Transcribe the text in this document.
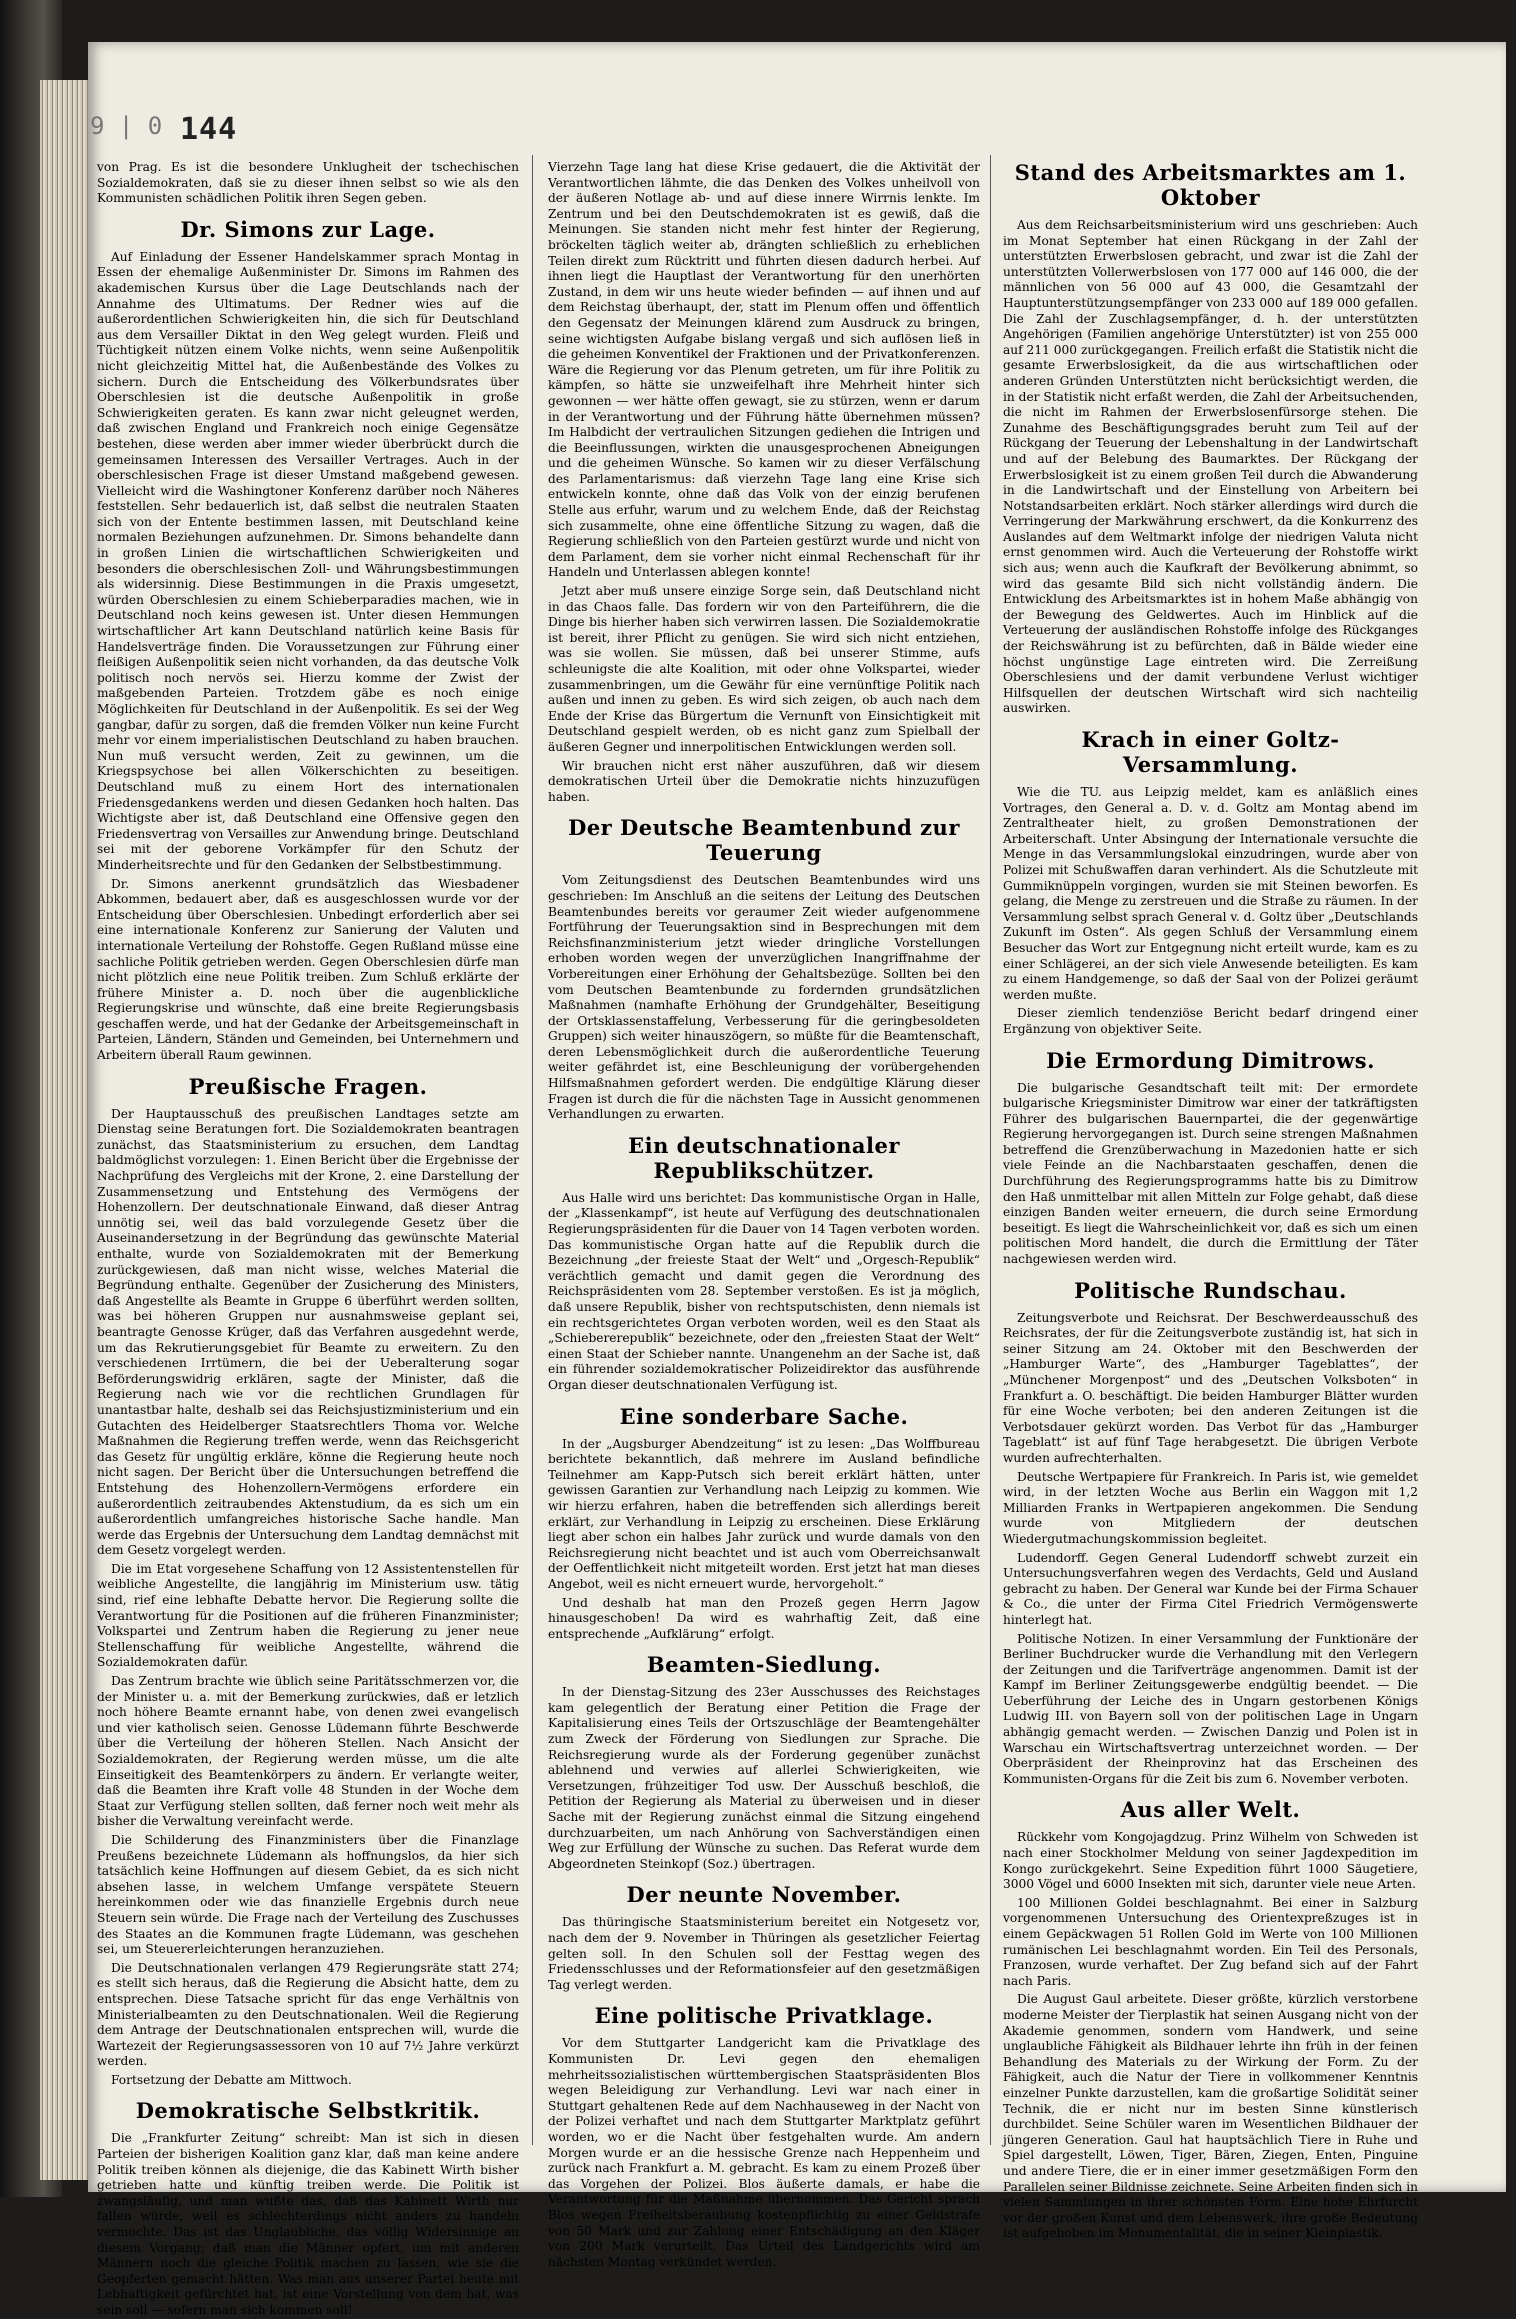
9 | 0 144

von Prag. Es ist die besondere Unklugheit der tschechischen Sozialdemokraten, daß sie zu dieser ihnen selbst so wie als den Kommunisten schädlichen Politik ihren Segen geben.

Dr. Simons zur Lage.

Auf Einladung der Essener Handelskammer sprach Montag in Essen der ehemalige Außenminister Dr. Simons im Rahmen des akademischen Kursus über die Lage Deutschlands nach der Annahme des Ultimatums. Der Redner wies auf die außerordentlichen Schwierigkeiten hin, die sich für Deutschland aus dem Versailler Diktat in den Weg gelegt wurden. Fleiß und Tüchtigkeit nützen einem Volke nichts, wenn seine Außenpolitik nicht gleichzeitig Mittel hat, die Außenbestände des Volkes zu sichern. Durch die Entscheidung des Völkerbundsrates über Oberschlesien ist die deutsche Außenpolitik in große Schwierigkeiten geraten. Es kann zwar nicht geleugnet werden, daß zwischen England und Frankreich noch einige Gegensätze bestehen, diese werden aber immer wieder überbrückt durch die gemeinsamen Interessen des Versailler Vertrages. Auch in der oberschlesischen Frage ist dieser Umstand maßgebend gewesen. Vielleicht wird die Washingtoner Konferenz darüber noch Näheres feststellen. Sehr bedauerlich ist, daß selbst die neutralen Staaten sich von der Entente bestimmen lassen, mit Deutschland keine normalen Beziehungen aufzunehmen. Dr. Simons behandelte dann in großen Linien die wirtschaftlichen Schwierigkeiten und besonders die oberschlesischen Zoll- und Währungsbestimmungen als widersinnig. Diese Bestimmungen in die Praxis umgesetzt, würden Oberschlesien zu einem Schieberparadies machen, wie in Deutschland noch keins gewesen ist. Unter diesen Hemmungen wirtschaftlicher Art kann Deutschland natürlich keine Basis für Handelsverträge finden. Die Voraussetzungen zur Führung einer fleißigen Außenpolitik seien nicht vorhanden, da das deutsche Volk politisch noch nervös sei. Hierzu komme der Zwist der maßgebenden Parteien. Trotzdem gäbe es noch einige Möglichkeiten für Deutschland in der Außenpolitik. Es sei der Weg gangbar, dafür zu sorgen, daß die fremden Völker nun keine Furcht mehr vor einem imperialistischen Deutschland zu haben brauchen. Nun muß versucht werden, Zeit zu gewinnen, um die Kriegspsychose bei allen Völkerschichten zu beseitigen. Deutschland muß zu einem Hort des internationalen Friedensgedankens werden und diesen Gedanken hoch halten. Das Wichtigste aber ist, daß Deutschland eine Offensive gegen den Friedensvertrag von Versailles zur Anwendung bringe. Deutschland sei mit der geborene Vorkämpfer für den Schutz der Minderheitsrechte und für den Gedanken der Selbstbestimmung.

Dr. Simons anerkennt grundsätzlich das Wiesbadener Abkommen, bedauert aber, daß es ausgeschlossen wurde vor der Entscheidung über Oberschlesien. Unbedingt erforderlich aber sei eine internationale Konferenz zur Sanierung der Valuten und internationale Verteilung der Rohstoffe. Gegen Rußland müsse eine sachliche Politik getrieben werden. Gegen Oberschlesien dürfe man nicht plötzlich eine neue Politik treiben. Zum Schluß erklärte der frühere Minister a. D. noch über die augenblickliche Regierungskrise und wünschte, daß eine breite Regierungsbasis geschaffen werde, und hat der Gedanke der Arbeitsgemeinschaft in Parteien, Ländern, Ständen und Gemeinden, bei Unternehmern und Arbeitern überall Raum gewinnen.

Preußische Fragen.

Der Hauptausschuß des preußischen Landtages setzte am Dienstag seine Beratungen fort. Die Sozialdemokraten beantragen zunächst, das Staatsministerium zu ersuchen, dem Landtag baldmöglichst vorzulegen: 1. Einen Bericht über die Ergebnisse der Nachprüfung des Vergleichs mit der Krone, 2. eine Darstellung der Zusammensetzung und Entstehung des Vermögens der Hohenzollern. Der deutschnationale Einwand, daß dieser Antrag unnötig sei, weil das bald vorzulegende Gesetz über die Auseinandersetzung in der Begründung das gewünschte Material enthalte, wurde von Sozialdemokraten mit der Bemerkung zurückgewiesen, daß man nicht wisse, welches Material die Begründung enthalte. Gegenüber der Zusicherung des Ministers, daß Angestellte als Beamte in Gruppe 6 überführt werden sollten, was bei höheren Gruppen nur ausnahmsweise geplant sei, beantragte Genosse Krüger, daß das Verfahren ausgedehnt werde, um das Rekrutierungsgebiet für Beamte zu erweitern. Zu den verschiedenen Irrtümern, die bei der Ueberalterung sogar Beförderungswidrig erklären, sagte der Minister, daß die Regierung nach wie vor die rechtlichen Grundlagen für unantastbar halte, deshalb sei das Reichsjustizministerium und ein Gutachten des Heidelberger Staatsrechtlers Thoma vor. Welche Maßnahmen die Regierung treffen werde, wenn das Reichsgericht das Gesetz für ungültig erkläre, könne die Regierung heute noch nicht sagen. Der Bericht über die Untersuchungen betreffend die Entstehung des Hohenzollern-Vermögens erfordere ein außerordentlich zeitraubendes Aktenstudium, da es sich um ein außerordentlich umfangreiches historische Sache handle. Man werde das Ergebnis der Untersuchung dem Landtag demnächst mit dem Gesetz vorgelegt werden.

Die im Etat vorgesehene Schaffung von 12 Assistentenstellen für weibliche Angestellte, die langjährig im Ministerium usw. tätig sind, rief eine lebhafte Debatte hervor. Die Regierung sollte die Verantwortung für die Positionen auf die früheren Finanzminister; Volkspartei und Zentrum haben die Regierung zu jener neue Stellenschaffung für weibliche Angestellte, während die Sozialdemokraten dafür.

Das Zentrum brachte wie üblich seine Paritätsschmerzen vor, die der Minister u. a. mit der Bemerkung zurückwies, daß er letzlich noch höhere Beamte ernannt habe, von denen zwei evangelisch und vier katholisch seien. Genosse Lüdemann führte Beschwerde über die Verteilung der höheren Stellen. Nach Ansicht der Sozialdemokraten, der Regierung werden müsse, um die alte Einseitigkeit des Beamtenkörpers zu ändern. Er verlangte weiter, daß die Beamten ihre Kraft volle 48 Stunden in der Woche dem Staat zur Verfügung stellen sollten, daß ferner noch weit mehr als bisher die Verwaltung vereinfacht werde.

Die Schilderung des Finanzministers über die Finanzlage Preußens bezeichnete Lüdemann als hoffnungslos, da hier sich tatsächlich keine Hoffnungen auf diesem Gebiet, da es sich nicht absehen lasse, in welchem Umfange verspätete Steuern hereinkommen oder wie das finanzielle Ergebnis durch neue Steuern sein würde. Die Frage nach der Verteilung des Zuschusses des Staates an die Kommunen fragte Lüdemann, was geschehen sei, um Steuererleichterungen heranzuziehen.

Die Deutschnationalen verlangen 479 Regierungsräte statt 274; es stellt sich heraus, daß die Regierung die Absicht hatte, dem zu entsprechen. Diese Tatsache spricht für das enge Verhältnis von Ministerialbeamten zu den Deutschnationalen. Weil die Regierung dem Antrage der Deutschnationalen entsprechen will, wurde die Wartezeit der Regierungsassessoren von 10 auf 7½ Jahre verkürzt werden.

Fortsetzung der Debatte am Mittwoch.

Demokratische Selbstkritik.

Die „Frankfurter Zeitung“ schreibt: Man ist sich in diesen Parteien der bisherigen Koalition ganz klar, daß man keine andere Politik treiben können als diejenige, die das Kabinett Wirth bisher getrieben hatte und künftig treiben werde. Die Politik ist zwangsläufig, und man wußte das, daß das Kabinett Wirth nur fallen würde, weil es schlechterdings nicht anders zu handeln vermochte. Das ist das Unglaubliche, das völlig Widersinnige an diesem Vorgang; daß man die Männer opfert, um mit anderen Männern noch die gleiche Politik machen zu lassen, wie sie die Geopferten gemacht hätten. Was man aus unserer Partei heute mit Lebhaftigkeit gefürchtet hat, ist eine Vorstellung von dem hat, was sein soll — sofern man sich kommen soll!

Vierzehn Tage lang hat diese Krise gedauert, die die Aktivität der Verantwortlichen lähmte, die das Denken des Volkes unheilvoll von der äußeren Notlage ab- und auf diese innere Wirrnis lenkte. Im Zentrum und bei den Deutschdemokraten ist es gewiß, daß die Meinungen. Sie standen nicht mehr fest hinter der Regierung, bröckelten täglich weiter ab, drängten schließlich zu erheblichen Teilen direkt zum Rücktritt und führten diesen dadurch herbei. Auf ihnen liegt die Hauptlast der Verantwortung für den unerhörten Zustand, in dem wir uns heute wieder befinden — auf ihnen und auf dem Reichstag überhaupt, der, statt im Plenum offen und öffentlich den Gegensatz der Meinungen klärend zum Ausdruck zu bringen, seine wichtigsten Aufgabe bislang vergaß und sich auflösen ließ in die geheimen Konventikel der Fraktionen und der Privatkonferenzen. Wäre die Regierung vor das Plenum getreten, um für ihre Politik zu kämpfen, so hätte sie unzweifelhaft ihre Mehrheit hinter sich gewonnen — wer hätte offen gewagt, sie zu stürzen, wenn er darum in der Verantwortung und der Führung hätte übernehmen müssen? Im Halbdicht der vertraulichen Sitzungen gediehen die Intrigen und die Beeinflussungen, wirkten die unausgesprochenen Abneigungen und die geheimen Wünsche. So kamen wir zu dieser Verfälschung des Parlamentarismus: daß vierzehn Tage lang eine Krise sich entwickeln konnte, ohne daß das Volk von der einzig berufenen Stelle aus erfuhr, warum und zu welchem Ende, daß der Reichstag sich zusammelte, ohne eine öffentliche Sitzung zu wagen, daß die Regierung schließlich von den Parteien gestürzt wurde und nicht von dem Parlament, dem sie vorher nicht einmal Rechenschaft für ihr Handeln und Unterlassen ablegen konnte!

Jetzt aber muß unsere einzige Sorge sein, daß Deutschland nicht in das Chaos falle. Das fordern wir von den Parteiführern, die die Dinge bis hierher haben sich verwirren lassen. Die Sozialdemokratie ist bereit, ihrer Pflicht zu genügen. Sie wird sich nicht entziehen, was sie wollen. Sie müssen, daß bei unserer Stimme, aufs schleunigste die alte Koalition, mit oder ohne Volkspartei, wieder zusammenbringen, um die Gewähr für eine vernünftige Politik nach außen und innen zu geben. Es wird sich zeigen, ob auch nach dem Ende der Krise das Bürgertum die Vernunft von Einsichtigkeit mit Deutschland gespielt werden, ob es nicht ganz zum Spielball der äußeren Gegner und innerpolitischen Entwicklungen werden soll.

Wir brauchen nicht erst näher auszuführen, daß wir diesem demokratischen Urteil über die Demokratie nichts hinzuzufügen haben.

Der Deutsche Beamtenbund zur Teuerung

Vom Zeitungsdienst des Deutschen Beamtenbundes wird uns geschrieben: Im Anschluß an die seitens der Leitung des Deutschen Beamtenbundes bereits vor geraumer Zeit wieder aufgenommene Fortführung der Teuerungsaktion sind in Besprechungen mit dem Reichsfinanzministerium jetzt wieder dringliche Vorstellungen erhoben worden wegen der unverzüglichen Inangriffnahme der Vorbereitungen einer Erhöhung der Gehaltsbezüge. Sollten bei den vom Deutschen Beamtenbunde zu fordernden grundsätzlichen Maßnahmen (namhafte Erhöhung der Grundgehälter, Beseitigung der Ortsklassenstaffelung, Verbesserung für die geringbesoldeten Gruppen) sich weiter hinauszögern, so müßte für die Beamtenschaft, deren Lebensmöglichkeit durch die außerordentliche Teuerung weiter gefährdet ist, eine Beschleunigung der vorübergehenden Hilfsmaßnahmen gefordert werden. Die endgültige Klärung dieser Fragen ist durch die für die nächsten Tage in Aussicht genommenen Verhandlungen zu erwarten.

Ein deutschnationaler Republikschützer.

Aus Halle wird uns berichtet: Das kommunistische Organ in Halle, der „Klassenkampf“, ist heute auf Verfügung des deutschnationalen Regierungspräsidenten für die Dauer von 14 Tagen verboten worden. Das kommunistische Organ hatte auf die Republik durch die Bezeichnung „der freieste Staat der Welt“ und „Orgesch-Republik“ verächtlich gemacht und damit gegen die Verordnung des Reichspräsidenten vom 28. September verstoßen. Es ist ja möglich, daß unsere Republik, bisher von rechtsputschisten, denn niemals ist ein rechtsgerichtetes Organ verboten worden, weil es den Staat als „Schiebererepublik“ bezeichnete, oder den „freiesten Staat der Welt“ einen Staat der Schieber nannte. Unangenehm an der Sache ist, daß ein führender sozialdemokratischer Polizeidirektor das ausführende Organ dieser deutschnationalen Verfügung ist.

Eine sonderbare Sache.

In der „Augsburger Abendzeitung“ ist zu lesen: „Das Wolffbureau berichtete bekanntlich, daß mehrere im Ausland befindliche Teilnehmer am Kapp-Putsch sich bereit erklärt hätten, unter gewissen Garantien zur Verhandlung nach Leipzig zu kommen. Wie wir hierzu erfahren, haben die betreffenden sich allerdings bereit erklärt, zur Verhandlung in Leipzig zu erscheinen. Diese Erklärung liegt aber schon ein halbes Jahr zurück und wurde damals von den Reichsregierung nicht beachtet und ist auch vom Oberreichsanwalt der Oeffentlichkeit nicht mitgeteilt worden. Erst jetzt hat man dieses Angebot, weil es nicht erneuert wurde, hervorgeholt.“

Und deshalb hat man den Prozeß gegen Herrn Jagow hinausgeschoben! Da wird es wahrhaftig Zeit, daß eine entsprechende „Aufklärung“ erfolgt.

Beamten-Siedlung.

In der Dienstag-Sitzung des 23er Ausschusses des Reichstages kam gelegentlich der Beratung einer Petition die Frage der Kapitalisierung eines Teils der Ortszuschläge der Beamtengehälter zum Zweck der Förderung von Siedlungen zur Sprache. Die Reichsregierung wurde als der Forderung gegenüber zunächst ablehnend und verwies auf allerlei Schwierigkeiten, wie Versetzungen, frühzeitiger Tod usw. Der Ausschuß beschloß, die Petition der Regierung als Material zu überweisen und in dieser Sache mit der Regierung zunächst einmal die Sitzung eingehend durchzuarbeiten, um nach Anhörung von Sachverständigen einen Weg zur Erfüllung der Wünsche zu suchen. Das Referat wurde dem Abgeordneten Steinkopf (Soz.) übertragen.

Der neunte November.

Das thüringische Staatsministerium bereitet ein Notgesetz vor, nach dem der 9. November in Thüringen als gesetzlicher Feiertag gelten soll. In den Schulen soll der Festtag wegen des Friedensschlusses und der Reformationsfeier auf den gesetzmäßigen Tag verlegt werden.

Eine politische Privatklage.

Vor dem Stuttgarter Landgericht kam die Privatklage des Kommunisten Dr. Levi gegen den ehemaligen mehrheitssozialistischen württembergischen Staatspräsidenten Blos wegen Beleidigung zur Verhandlung. Levi war nach einer in Stuttgart gehaltenen Rede auf dem Nachhauseweg in der Nacht von der Polizei verhaftet und nach dem Stuttgarter Marktplatz geführt worden, wo er die Nacht über festgehalten wurde. Am andern Morgen wurde er an die hessische Grenze nach Heppenheim und zurück nach Frankfurt a. M. gebracht. Es kam zu einem Prozeß über das Vorgehen der Polizei. Blos äußerte damals, er habe die Verantwortung für die Maßnahme übernommen. Das Gericht sprach Blos wegen Freiheitsberaubung kostenpflichtig zu einer Geldstrafe von 50 Mark und zur Zahlung einer Entschädigung an den Kläger von 200 Mark verurteilt. Das Urteil des Landgerichts wird am nächsten Montag verkündet werden.

Stand des Arbeitsmarktes am 1. Oktober

Aus dem Reichsarbeitsministerium wird uns geschrieben: Auch im Monat September hat einen Rückgang in der Zahl der unterstützten Erwerbslosen gebracht, und zwar ist die Zahl der unterstützten Vollerwerbslosen von 177 000 auf 146 000, die der männlichen von 56 000 auf 43 000, die Gesamtzahl der Hauptunterstützungsempfänger von 233 000 auf 189 000 gefallen. Die Zahl der Zuschlagsempfänger, d. h. der unterstützten Angehörigen (Familien angehörige Unterstützter) ist von 255 000 auf 211 000 zurückgegangen. Freilich erfaßt die Statistik nicht die gesamte Erwerbslosigkeit, da die aus wirtschaftlichen oder anderen Gründen Unterstützten nicht berücksichtigt werden, die in der Statistik nicht erfaßt werden, die Zahl der Arbeitsuchenden, die nicht im Rahmen der Erwerbslosenfürsorge stehen. Die Zunahme des Beschäftigungsgrades beruht zum Teil auf der Rückgang der Teuerung der Lebenshaltung in der Landwirtschaft und auf der Belebung des Baumarktes. Der Rückgang der Erwerbslosigkeit ist zu einem großen Teil durch die Abwanderung in die Landwirtschaft und der Einstellung von Arbeitern bei Notstandsarbeiten erklärt. Noch stärker allerdings wird durch die Verringerung der Markwährung erschwert, da die Konkurrenz des Auslandes auf dem Weltmarkt infolge der niedrigen Valuta nicht ernst genommen wird. Auch die Verteuerung der Rohstoffe wirkt sich aus; wenn auch die Kaufkraft der Bevölkerung abnimmt, so wird das gesamte Bild sich nicht vollständig ändern. Die Entwicklung des Arbeitsmarktes ist in hohem Maße abhängig von der Bewegung des Geldwertes. Auch im Hinblick auf die Verteuerung der ausländischen Rohstoffe infolge des Rückganges der Reichswährung ist zu befürchten, daß in Bälde wieder eine höchst ungünstige Lage eintreten wird. Die Zerreißung Oberschlesiens und der damit verbundene Verlust wichtiger Hilfsquellen der deutschen Wirtschaft wird sich nachteilig auswirken.

Krach in einer Goltz-Versammlung.

Wie die TU. aus Leipzig meldet, kam es anläßlich eines Vortrages, den General a. D. v. d. Goltz am Montag abend im Zentraltheater hielt, zu großen Demonstrationen der Arbeiterschaft. Unter Absingung der Internationale versuchte die Menge in das Versammlungslokal einzudringen, wurde aber von Polizei mit Schußwaffen daran verhindert. Als die Schutzleute mit Gummiknüppeln vorgingen, wurden sie mit Steinen beworfen. Es gelang, die Menge zu zerstreuen und die Straße zu räumen. In der Versammlung selbst sprach General v. d. Goltz über „Deutschlands Zukunft im Osten“. Als gegen Schluß der Versammlung einem Besucher das Wort zur Entgegnung nicht erteilt wurde, kam es zu einer Schlägerei, an der sich viele Anwesende beteiligten. Es kam zu einem Handgemenge, so daß der Saal von der Polizei geräumt werden mußte.

Dieser ziemlich tendenziöse Bericht bedarf dringend einer Ergänzung von objektiver Seite.

Die Ermordung Dimitrows.

Die bulgarische Gesandtschaft teilt mit: Der ermordete bulgarische Kriegsminister Dimitrow war einer der tatkräftigsten Führer des bulgarischen Bauernpartei, die der gegenwärtige Regierung hervorgegangen ist. Durch seine strengen Maßnahmen betreffend die Grenzüberwachung in Mazedonien hatte er sich viele Feinde an die Nachbarstaaten geschaffen, denen die Durchführung des Regierungsprogramms hatte bis zu Dimitrow den Haß unmittelbar mit allen Mitteln zur Folge gehabt, daß diese einzigen Banden weiter erneuern, die durch seine Ermordung beseitigt. Es liegt die Wahrscheinlichkeit vor, daß es sich um einen politischen Mord handelt, die durch die Ermittlung der Täter nachgewiesen werden wird.

Politische Rundschau.

Zeitungsverbote und Reichsrat. Der Beschwerdeausschuß des Reichsrates, der für die Zeitungsverbote zuständig ist, hat sich in seiner Sitzung am 24. Oktober mit den Beschwerden der „Hamburger Warte“, des „Hamburger Tageblattes“, der „Münchener Morgenpost“ und des „Deutschen Volksboten“ in Frankfurt a. O. beschäftigt. Die beiden Hamburger Blätter wurden für eine Woche verboten; bei den anderen Zeitungen ist die Verbotsdauer gekürzt worden. Das Verbot für das „Hamburger Tageblatt“ ist auf fünf Tage herabgesetzt. Die übrigen Verbote wurden aufrechterhalten.

Deutsche Wertpapiere für Frankreich. In Paris ist, wie gemeldet wird, in der letzten Woche aus Berlin ein Waggon mit 1,2 Milliarden Franks in Wertpapieren angekommen. Die Sendung wurde von Mitgliedern der deutschen Wiedergutmachungskommission begleitet.

Ludendorff. Gegen General Ludendorff schwebt zurzeit ein Untersuchungsverfahren wegen des Verdachts, Geld und Ausland gebracht zu haben. Der General war Kunde bei der Firma Schauer & Co., die unter der Firma Citel Friedrich Vermögenswerte hinterlegt hat.

Politische Notizen. In einer Versammlung der Funktionäre der Berliner Buchdrucker wurde die Verhandlung mit den Verlegern der Zeitungen und die Tarifverträge angenommen. Damit ist der Kampf im Berliner Zeitungsgewerbe endgültig beendet. — Die Ueberführung der Leiche des in Ungarn gestorbenen Königs Ludwig III. von Bayern soll von der politischen Lage in Ungarn abhängig gemacht werden. — Zwischen Danzig und Polen ist in Warschau ein Wirtschaftsvertrag unterzeichnet worden. — Der Oberpräsident der Rheinprovinz hat das Erscheinen des Kommunisten-Organs für die Zeit bis zum 6. November verboten.

Aus aller Welt.

Rückkehr vom Kongojagdzug. Prinz Wilhelm von Schweden ist nach einer Stockholmer Meldung von seiner Jagdexpedition im Kongo zurückgekehrt. Seine Expedition führt 1000 Säugetiere, 3000 Vögel und 6000 Insekten mit sich, darunter viele neue Arten.

100 Millionen Goldei beschlagnahmt. Bei einer in Salzburg vorgenommenen Untersuchung des Orientexpreßzuges ist in einem Gepäckwagen 51 Rollen Gold im Werte von 100 Millionen rumänischen Lei beschlagnahmt worden. Ein Teil des Personals, Franzosen, wurde verhaftet. Der Zug befand sich auf der Fahrt nach Paris.

Die August Gaul arbeitete. Dieser größte, kürzlich verstorbene moderne Meister der Tierplastik hat seinen Ausgang nicht von der Akademie genommen, sondern vom Handwerk, und seine unglaubliche Fähigkeit als Bildhauer lehrte ihn früh in der feinen Behandlung des Materials zu der Wirkung der Form. Zu der Fähigkeit, auch die Natur der Tiere in vollkommener Kenntnis einzelner Punkte darzustellen, kam die großartige Solidität seiner Technik, die er nicht nur im besten Sinne künstlerisch durchbildet. Seine Schüler waren im Wesentlichen Bildhauer der jüngeren Generation. Gaul hat hauptsächlich Tiere in Ruhe und Spiel dargestellt, Löwen, Tiger, Bären, Ziegen, Enten, Pinguine und andere Tiere, die er in einer immer gesetzmäßigen Form den Parallelen seiner Bildnisse zeichnete. Seine Arbeiten finden sich in vielen Sammlungen in ihrer schönsten Form. Eine hohe Ehrfurcht vor der großen Kunst und dem Lebenswerk, ihre große Bedeutung ist aufgehoben im Monumentalität, die in seiner Kleinplastik.
